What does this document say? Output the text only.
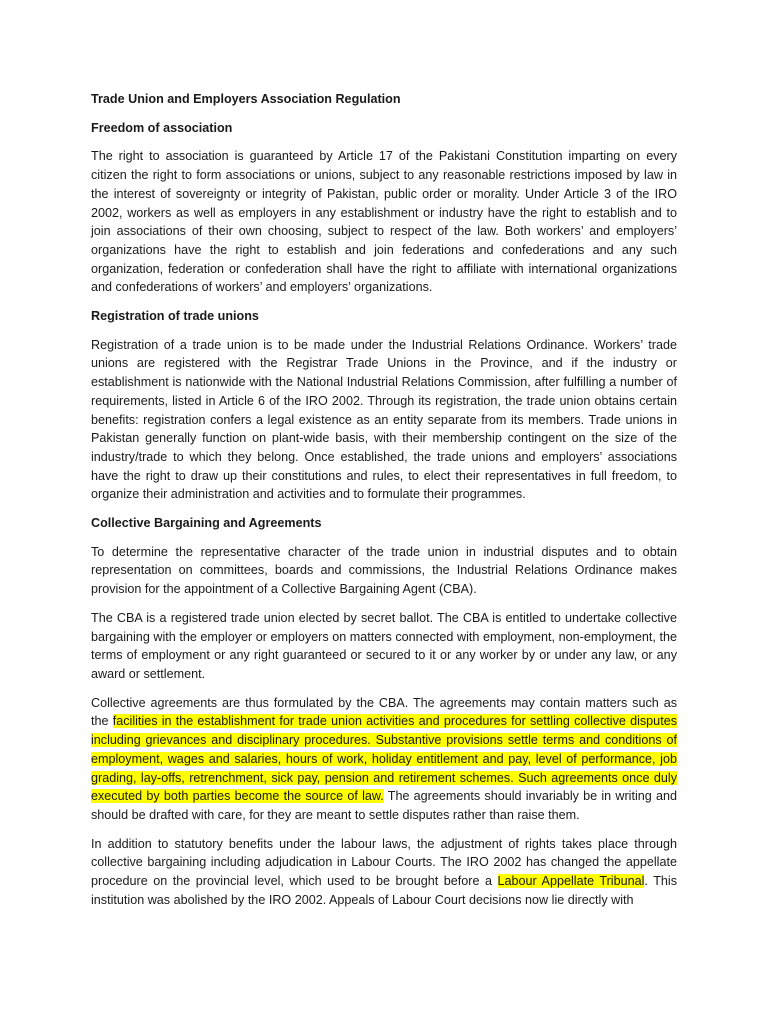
Trade Union and Employers Association Regulation

Freedom of association

The right to association is guaranteed by Article 17 of the Pakistani Constitution imparting on every citizen the right to form associations or unions, subject to any reasonable restrictions imposed by law in the interest of sovereignty or integrity of Pakistan, public order or morality. Under Article 3 of the IRO 2002, workers as well as employers in any establishment or industry have the right to establish and to join associations of their own choosing, subject to respect of the law. Both workers’ and employers’ organizations have the right to establish and join federations and confederations and any such organization, federation or confederation shall have the right to affiliate with international organizations and confederations of workers’ and employers’ organizations.

Registration of trade unions

Registration of a trade union is to be made under the Industrial Relations Ordinance. Workers’ trade unions are registered with the Registrar Trade Unions in the Province, and if the industry or establishment is nationwide with the National Industrial Relations Commission, after fulfilling a number of requirements, listed in Article 6 of the IRO 2002. Through its registration, the trade union obtains certain benefits: registration confers a legal existence as an entity separate from its members. Trade unions in Pakistan generally function on plant-wide basis, with their membership contingent on the size of the industry/trade to which they belong. Once established, the trade unions and employers’ associations have the right to draw up their constitutions and rules, to elect their representatives in full freedom, to organize their administration and activities and to formulate their programmes.

Collective Bargaining and Agreements

To determine the representative character of the trade union in industrial disputes and to obtain representation on committees, boards and commissions, the Industrial Relations Ordinance makes provision for the appointment of a Collective Bargaining Agent (CBA).

The CBA is a registered trade union elected by secret ballot. The CBA is entitled to undertake collective bargaining with the employer or employers on matters connected with employment, non-employment, the terms of employment or any right guaranteed or secured to it or any worker by or under any law, or any award or settlement.

Collective agreements are thus formulated by the CBA. The agreements may contain matters such as the facilities in the establishment for trade union activities and procedures for settling collective disputes including grievances and disciplinary procedures. Substantive provisions settle terms and conditions of employment, wages and salaries, hours of work, holiday entitlement and pay, level of performance, job grading, lay-offs, retrenchment, sick pay, pension and retirement schemes. Such agreements once duly executed by both parties become the source of law. The agreements should invariably be in writing and should be drafted with care, for they are meant to settle disputes rather than raise them.

In addition to statutory benefits under the labour laws, the adjustment of rights takes place through collective bargaining including adjudication in Labour Courts. The IRO 2002 has changed the appellate procedure on the provincial level, which used to be brought before a Labour Appellate Tribunal. This institution was abolished by the IRO 2002. Appeals of Labour Court decisions now lie directly with
